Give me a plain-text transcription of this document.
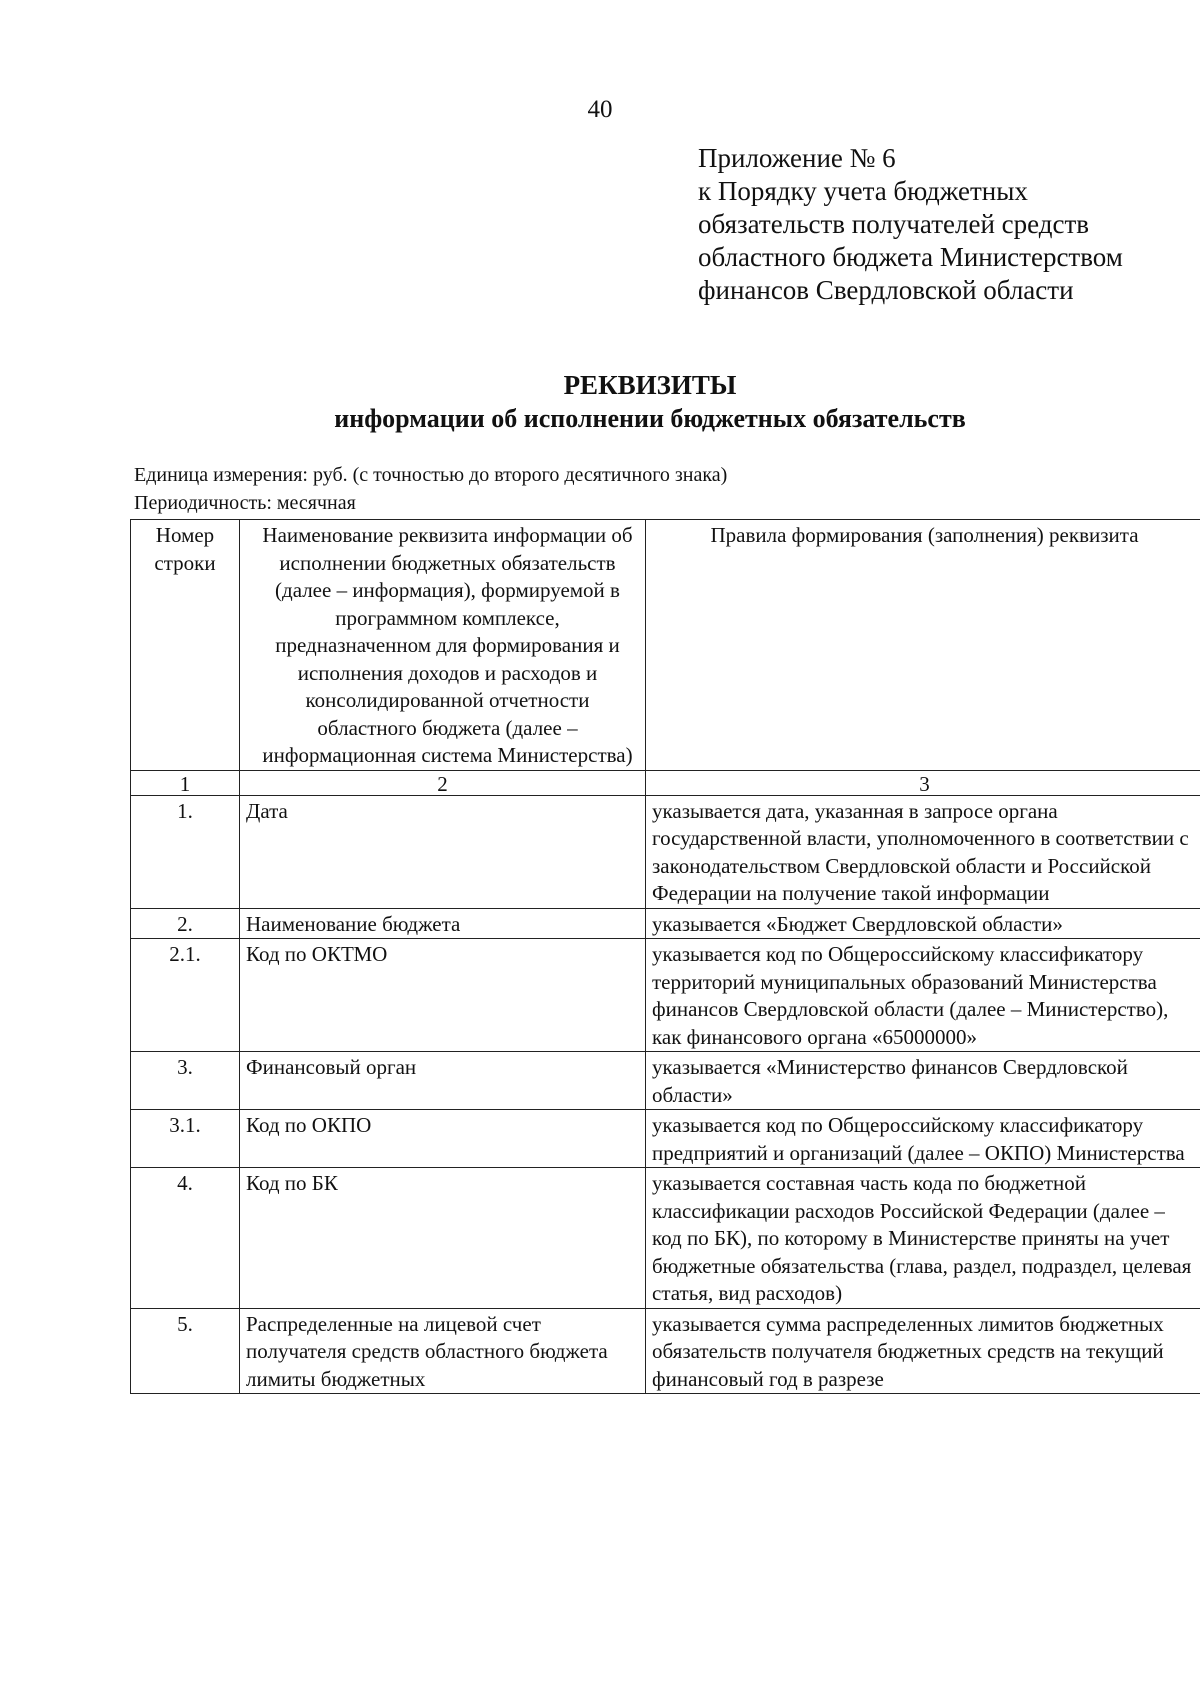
40
Приложение № 6
к Порядку учета бюджетных
обязательств получателей средств
областного бюджета Министерством
финансов Свердловской области
РЕКВИЗИТЫ
информации об исполнении бюджетных обязательств
Единица измерения: руб. (с точностью до второго десятичного знака)
Периодичность: месячная
Номер строки	Наименование реквизита информации об исполнении бюджетных обязательств (далее – информация), формируемой в программном комплексе, предназначенном для формирования и исполнения доходов и расходов и консолидированной отчетности областного бюджета (далее – информационная система Министерства)	Правила формирования (заполнения) реквизита
1	2	3
1.	Дата	указывается дата, указанная в запросе органа государственной власти, уполномоченного в соответствии с законодательством Свердловской области и Российской Федерации на получение такой информации
2.	Наименование бюджета	указывается «Бюджет Свердловской области»
2.1.	Код по ОКТМО	указывается код по Общероссийскому классификатору территорий муниципальных образований Министерства финансов Свердловской области (далее – Министерство), как финансового органа «65000000»
3.	Финансовый орган	указывается «Министерство финансов Свердловской области»
3.1.	Код по ОКПО	указывается код по Общероссийскому классификатору предприятий и организаций (далее – ОКПО) Министерства
4.	Код по БК	указывается составная часть кода по бюджетной классификации расходов Российской Федерации (далее – код по БК), по которому в Министерстве приняты на учет бюджетные обязательства (глава, раздел, подраздел, целевая статья, вид расходов)
5.	Распределенные на лицевой счет получателя средств областного бюджета лимиты бюджетных	указывается сумма распределенных лимитов бюджетных обязательств получателя бюджетных средств на текущий финансовый год в разрезе
